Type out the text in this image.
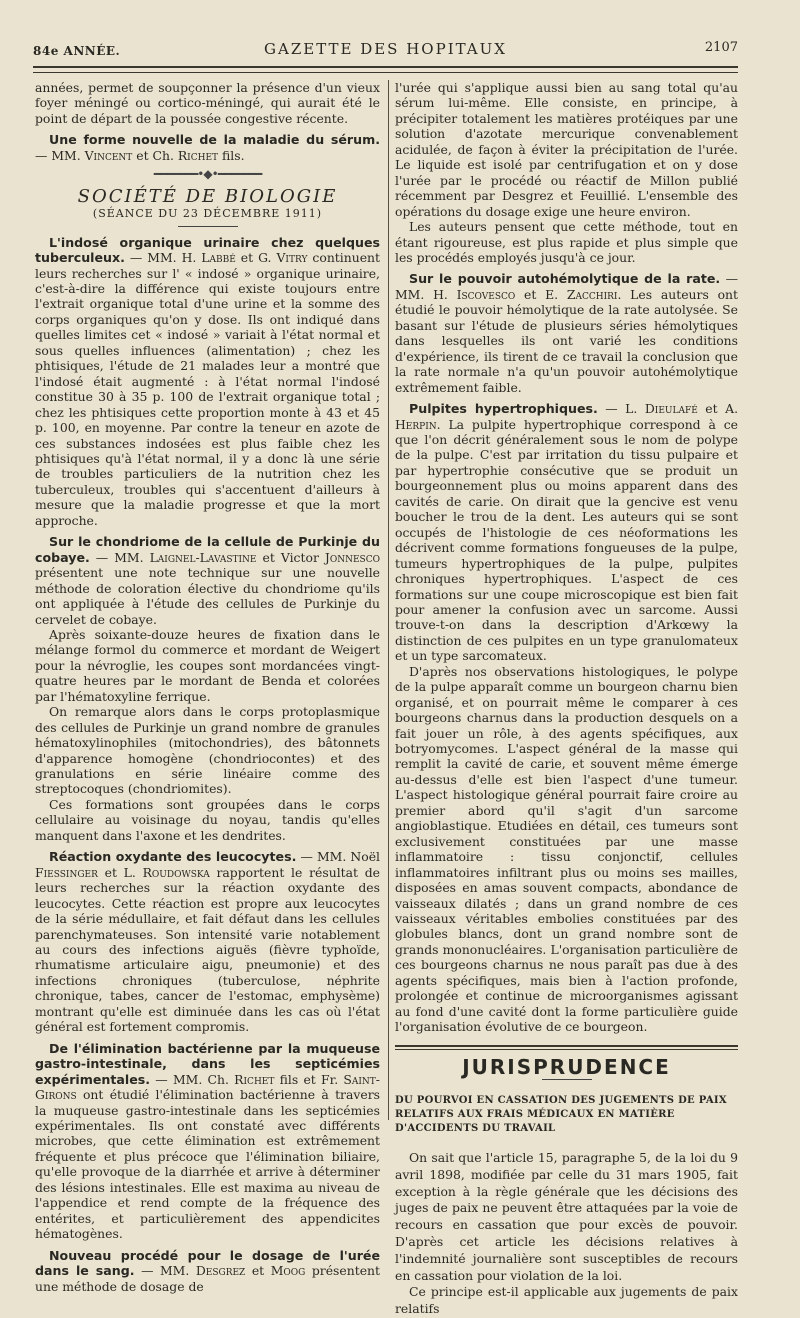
84e ANNÉE.	GAZETTE DES HOPITAUX	2107

années, permet de soupçonner la présence d'un vieux foyer méningé ou cortico-méningé, qui aurait été le point de départ de la poussée congestive récente.

Une forme nouvelle de la maladie du sérum. — MM. Vincent et Ch. Richet fils.

━━━━━━━•◆•━━━━━━━
SOCIÉTÉ DE BIOLOGIE
(SÉANCE DU 23 DÉCEMBRE 1911)

L'indosé organique urinaire chez quelques tuberculeux. — MM. H. Labbé et G. Vitry continuent leurs recherches sur l' « indosé » organique urinaire, c'est-à-dire la différence qui existe toujours entre l'extrait organique total d'une urine et la somme des corps organiques qu'on y dose. Ils ont indiqué dans quelles limites cet « indosé » variait à l'état normal et sous quelles influences (alimentation) ; chez les phtisiques, l'étude de 21 malades leur a montré que l'indosé était augmenté : à l'état normal l'indosé constitue 30 à 35 p. 100 de l'extrait organique total ; chez les phtisiques cette proportion monte à 43 et 45 p. 100, en moyenne. Par contre la teneur en azote de ces substances indosées est plus faible chez les phtisiques qu'à l'état normal, il y a donc là une série de troubles particuliers de la nutrition chez les tuberculeux, troubles qui s'accentuent d'ailleurs à mesure que la maladie progresse et que la mort approche.

Sur le chondriome de la cellule de Purkinje du cobaye. — MM. Laignel-Lavastine et Victor Jonnesco présentent une note technique sur une nouvelle méthode de coloration élective du chondriome qu'ils ont appliquée à l'étude des cellules de Purkinje du cervelet de cobaye.

Après soixante-douze heures de fixation dans le mélange formol du commerce et mordant de Weigert pour la névroglie, les coupes sont mordancées vingt-quatre heures par le mordant de Benda et colorées par l'hématoxyline ferrique.

On remarque alors dans le corps protoplasmique des cellules de Purkinje un grand nombre de granules hématoxylinophiles (mitochondries), des bâtonnets d'apparence homogène (chondriocontes) et des granulations en série linéaire comme des streptocoques (chondriomites).

Ces formations sont groupées dans le corps cellulaire au voisinage du noyau, tandis qu'elles manquent dans l'axone et les dendrites.

Réaction oxydante des leucocytes. — MM. Noël Fiessinger et L. Roudowska rapportent le résultat de leurs recherches sur la réaction oxydante des leucocytes. Cette réaction est propre aux leucocytes de la série médullaire, et fait défaut dans les cellules parenchymateuses. Son intensité varie notablement au cours des infections aiguës (fièvre typhoïde, rhumatisme articulaire aigu, pneumonie) et des infections chroniques (tuberculose, néphrite chronique, tabes, cancer de l'estomac, emphysème) montrant qu'elle est diminuée dans les cas où l'état général est fortement compromis.

De l'élimination bactérienne par la muqueuse gastro-intestinale, dans les septicémies expérimentales. — MM. Ch. Richet fils et Fr. Saint-Girons ont étudié l'élimination bactérienne à travers la muqueuse gastro-intestinale dans les septicémies expérimentales. Ils ont constaté avec différents microbes, que cette élimination est extrêmement fréquente et plus précoce que l'élimination biliaire, qu'elle provoque de la diarrhée et arrive à déterminer des lésions intestinales. Elle est maxima au niveau de l'appendice et rend compte de la fréquence des entérites, et particulièrement des appendicites hématogènes.

Nouveau procédé pour le dosage de l'urée dans le sang. — MM. Desgrez et Moog présentent une méthode de dosage de

l'urée qui s'applique aussi bien au sang total qu'au sérum lui-même. Elle consiste, en principe, à précipiter totalement les matières protéiques par une solution d'azotate mercurique convenablement acidulée, de façon à éviter la précipitation de l'urée. Le liquide est isolé par centrifugation et on y dose l'urée par le procédé ou réactif de Millon publié récemment par Desgrez et Feuillié. L'ensemble des opérations du dosage exige une heure environ.

Les auteurs pensent que cette méthode, tout en étant rigoureuse, est plus rapide et plus simple que les procédés employés jusqu'à ce jour.

Sur le pouvoir autohémolytique de la rate. — MM. H. Iscovesco et E. Zacchiri. Les auteurs ont étudié le pouvoir hémolytique de la rate autolysée. Se basant sur l'étude de plusieurs séries hémolytiques dans lesquelles ils ont varié les conditions d'expérience, ils tirent de ce travail la conclusion que la rate normale n'a qu'un pouvoir autohémolytique extrêmement faible.

Pulpites hypertrophiques. — L. Dieulafé et A. Herpin. La pulpite hypertrophique correspond à ce que l'on décrit généralement sous le nom de polype de la pulpe. C'est par irritation du tissu pulpaire et par hypertrophie consécutive que se produit un bourgeonnement plus ou moins apparent dans des cavités de carie. On dirait que la gencive est venu boucher le trou de la dent. Les auteurs qui se sont occupés de l'histologie de ces néoformations les décrivent comme formations fongueuses de la pulpe, tumeurs hypertrophiques de la pulpe, pulpites chroniques hypertrophiques. L'aspect de ces formations sur une coupe microscopique est bien fait pour amener la confusion avec un sarcome. Aussi trouve-t-on dans la description d'Arkœwy la distinction de ces pulpites en un type granulomateux et un type sarcomateux.

D'après nos observations histologiques, le polype de la pulpe apparaît comme un bourgeon charnu bien organisé, et on pourrait même le comparer à ces bourgeons charnus dans la production desquels on a fait jouer un rôle, à des agents spécifiques, aux botryomycomes. L'aspect général de la masse qui remplit la cavité de carie, et souvent même émerge au-dessus d'elle est bien l'aspect d'une tumeur. L'aspect histologique général pourrait faire croire au premier abord qu'il s'agit d'un sarcome angioblastique. Etudiées en détail, ces tumeurs sont exclusivement constituées par une masse inflammatoire : tissu conjonctif, cellules inflammatoires infiltrant plus ou moins ses mailles, disposées en amas souvent compacts, abondance de vaisseaux dilatés ; dans un grand nombre de ces vaisseaux véritables embolies constituées par des globules blancs, dont un grand nombre sont de grands mononucléaires. L'organisation particulière de ces bourgeons charnus ne nous paraît pas due à des agents spécifiques, mais bien à l'action profonde, prolongée et continue de microorganismes agissant au fond d'une cavité dont la forme particulière guide l'organisation évolutive de ce bourgeon.

JURISPRUDENCE
DU POURVOI EN CASSATION DES JUGEMENTS DE PAIX RELATIFS AUX FRAIS MÉDICAUX EN MATIÈRE D'ACCIDENTS DU TRAVAIL

On sait que l'article 15, paragraphe 5, de la loi du 9 avril 1898, modifiée par celle du 31 mars 1905, fait exception à la règle générale que les décisions des juges de paix ne peuvent être attaquées par la voie de recours en cassation que pour excès de pouvoir. D'après cet article les décisions relatives à l'indemnité journalière sont susceptibles de recours en cassation pour violation de la loi.

Ce principe est-il applicable aux jugements de paix relatifs
